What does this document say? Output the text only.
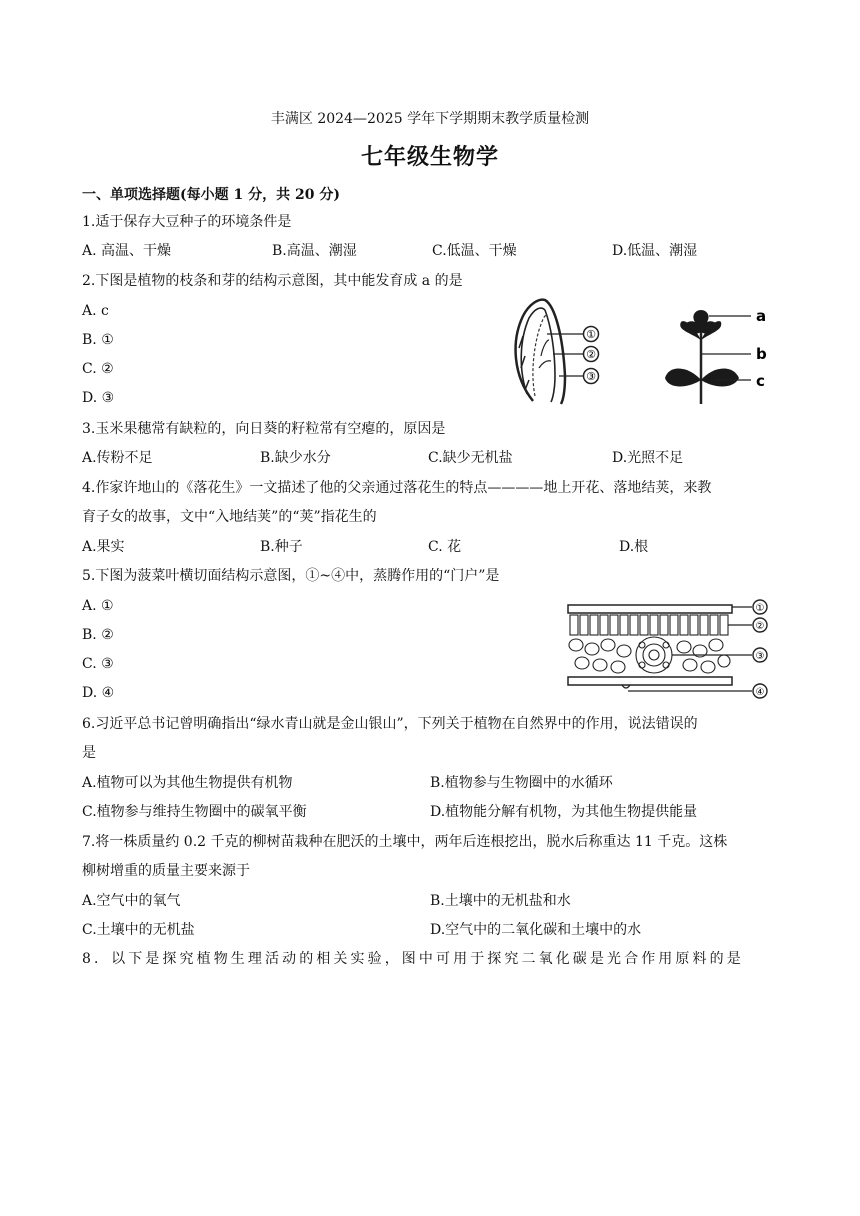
丰满区 2024—2025 学年下学期期末教学质量检测
七年级生物学
一、单项选择题(每小题 1 分，共 20 分)
1.适于保存大豆种子的环境条件是
A. 高温、干燥	B.高温、潮湿	C.低温、干燥	D.低温、潮湿
2.下图是植物的枝条和芽的结构示意图，其中能发育成 a 的是
A. c
B. ①
C. ②
D. ③
①
②
③
a
b
c
3.玉米果穗常有缺粒的，向日葵的籽粒常有空瘪的，原因是
A.传粉不足	B.缺少水分	C.缺少无机盐	D.光照不足
4.作家许地山的《落花生》一文描述了他的父亲通过落花生的特点————地上开花、落地结荚，来教
育子女的故事，文中“入地结荚”的“荚”指花生的
A.果实	B.种子	C. 花	D.根
5.下图为菠菜叶横切面结构示意图，①~④中，蒸腾作用的“门户”是
A. ①
B. ②
C. ③
D. ④
①
②
③
④
6.习近平总书记曾明确指出“绿水青山就是金山银山”，下列关于植物在自然界中的作用，说法错误的
是
A.植物可以为其他生物提供有机物	B.植物参与生物圈中的水循环
C.植物参与维持生物圈中的碳氧平衡	D.植物能分解有机物，为其他生物提供能量
7.将一株质量约 0.2 千克的柳树苗栽种在肥沃的土壤中，两年后连根挖出，脱水后称重达 11 千克。这株
柳树增重的质量主要来源于
A.空气中的氧气	B.土壤中的无机盐和水
C.土壤中的无机盐	D.空气中的二氧化碳和土壤中的水
8．以下是探究植物生理活动的相关实验，图中可用于探究二氧化碳是光合作用原料的是
